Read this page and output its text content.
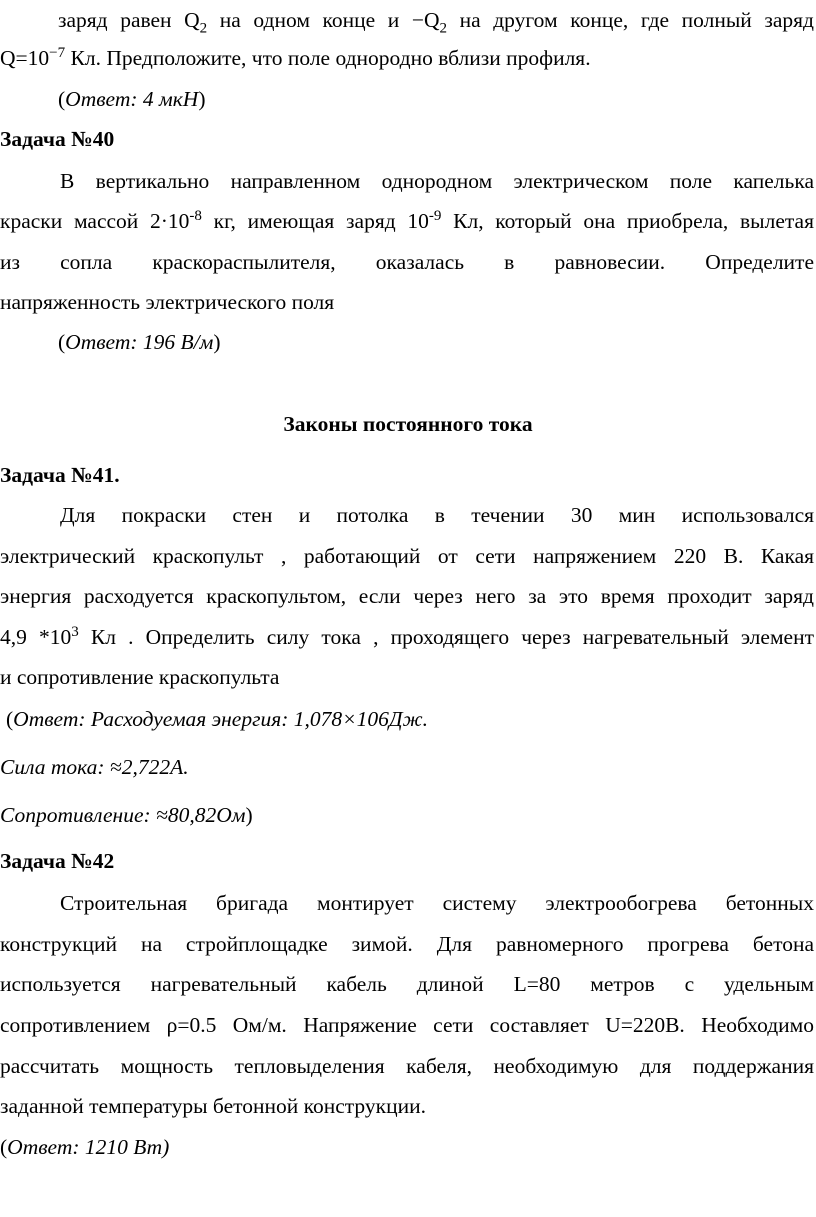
заряд равен $Q_2$ на одном конце $и -Q_2$ на другом конце, где полный заряд
$Q=10^{-7}$ Кл. Предположите, что поле однородно вблизи профиля.
(Ответ: 4 мкН)
Задача №40
В вертикально направленном однородном электрическом поле капелька
краски массой $2\cdot 10^{-8}$ кг, имеющая заряд $10^{-9}$ Кл, который она приобрела, вылетая
из сопла краскораспылителя, оказалась в равновесии. Определите
напряженность электрического поля
(Ответ: 196 В/м)
Законы постоянного тока
Задача №41.
Для покраски стен и потолка в течении 30 мин использовался
электрический краскопульт , работающий от сети напряжением 220 В. Какая
энергия расходуется краскопультом, если через него за это время проходит заряд
4,9 $*10^3$ Кл . Определить силу тока , проходящего через нагревательный элемент
и сопротивление краскопульта
(Ответ: Расходуемая энергия: 1,078×106Дж.
Сила тока: ≈2,722А.
Сопротивление: ≈80,82Ом)
Задача №42
Строительная бригада монтирует систему электрообогрева бетонных
конструкций на стройплощадке зимой. Для равномерного прогрева бетона
используется нагревательный кабель длиной L=80 метров с удельным
сопротивлением ρ=0.5 Ом/м. Напряжение сети составляет U=220В. Необходимо
рассчитать мощность тепловыделения кабеля, необходимую для поддержания
заданной температуры бетонной конструкции.
(Ответ: 1210 Вт)
